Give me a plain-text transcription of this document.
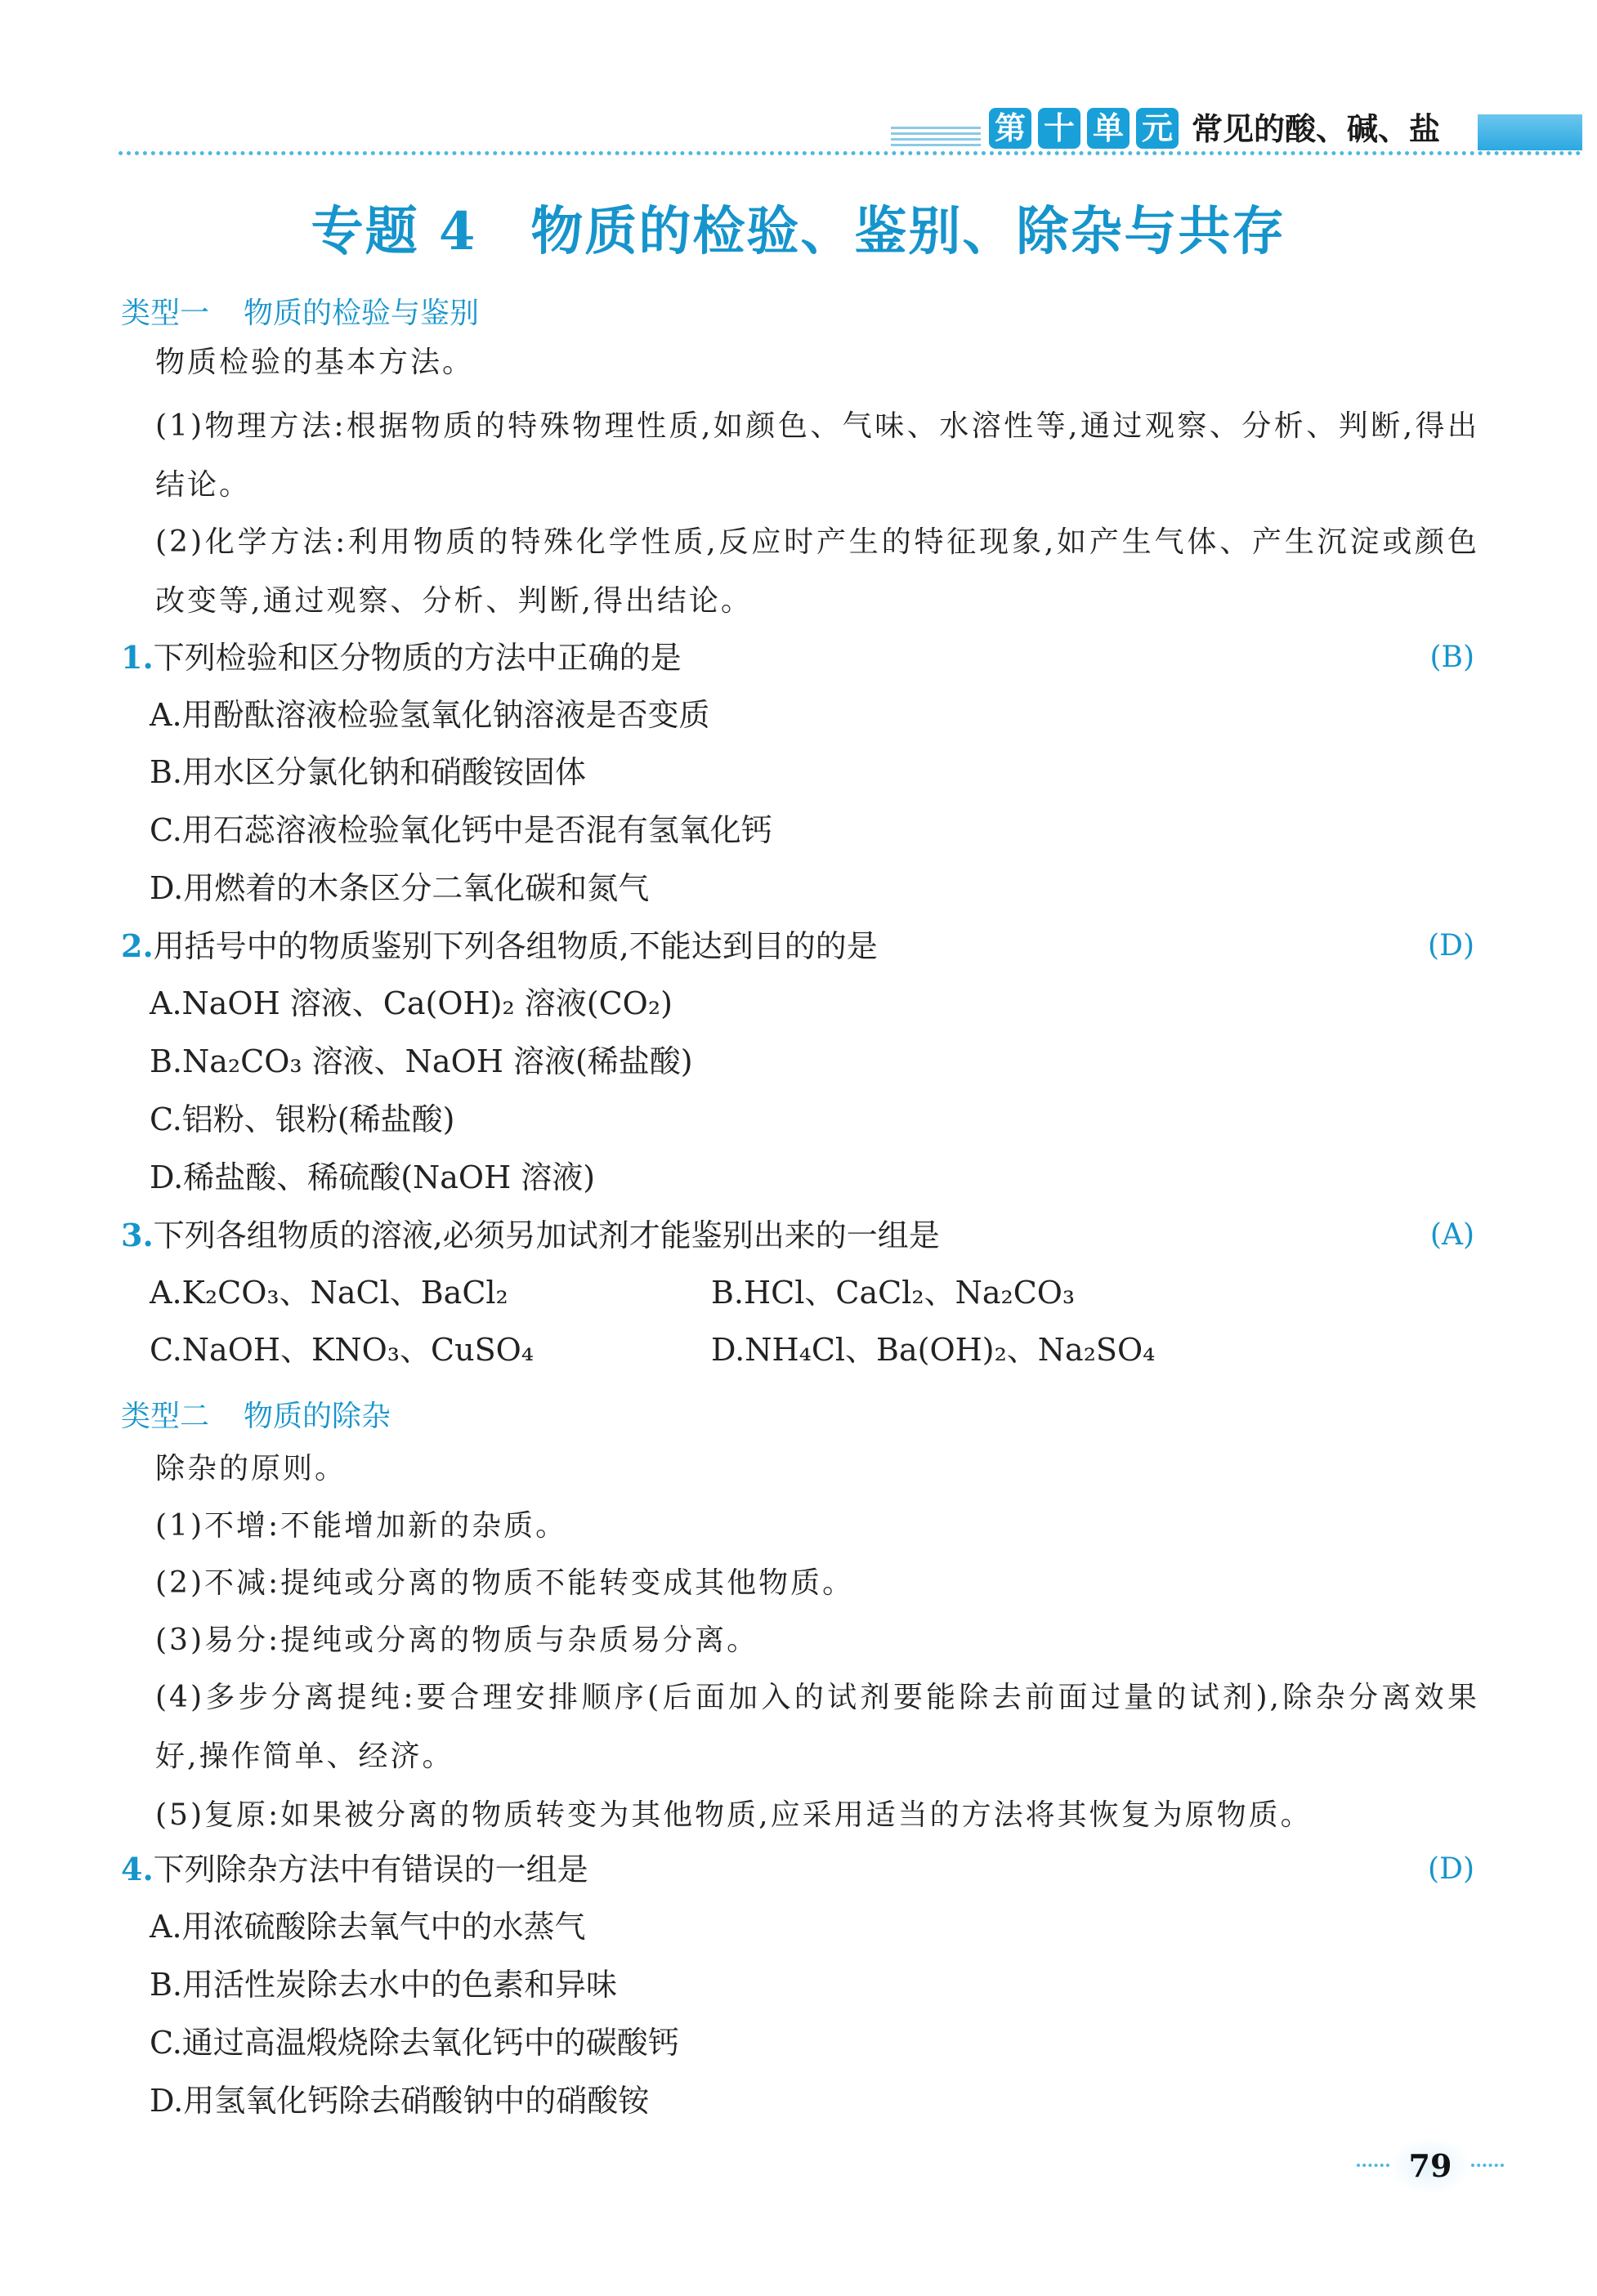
第 十 单 元 常见的酸、碱、盐
专题 4　物质的检验、鉴别、除杂与共存
类型一 物质的检验与鉴别
物质检验的基本方法。
(1)物理方法:根据物质的特殊物理性质,如颜色、气味、水溶性等,通过观察、分析、判断,得出结论。
(2)化学方法:利用物质的特殊化学性质,反应时产生的特征现象,如产生气体、产生沉淀或颜色改变等,通过观察、分析、判断,得出结论。
1.下列检验和区分物质的方法中正确的是	(B)
A.用酚酞溶液检验氢氧化钠溶液是否变质
B.用水区分氯化钠和硝酸铵固体
C.用石蕊溶液检验氧化钙中是否混有氢氧化钙
D.用燃着的木条区分二氧化碳和氮气
2.用括号中的物质鉴别下列各组物质,不能达到目的的是	(D)
A.NaOH 溶液、Ca(OH)₂ 溶液(CO₂)
B.Na₂CO₃ 溶液、NaOH 溶液(稀盐酸)
C.铝粉、银粉(稀盐酸)
D.稀盐酸、稀硫酸(NaOH 溶液)
3.下列各组物质的溶液,必须另加试剂才能鉴别出来的一组是	(A)
A.K₂CO₃、NaCl、BaCl₂	B.HCl、CaCl₂、Na₂CO₃
C.NaOH、KNO₃、CuSO₄	D.NH₄Cl、Ba(OH)₂、Na₂SO₄
类型二 物质的除杂
除杂的原则。
(1)不增:不能增加新的杂质。
(2)不减:提纯或分离的物质不能转变成其他物质。
(3)易分:提纯或分离的物质与杂质易分离。
(4)多步分离提纯:要合理安排顺序(后面加入的试剂要能除去前面过量的试剂),除杂分离效果好,操作简单、经济。
(5)复原:如果被分离的物质转变为其他物质,应采用适当的方法将其恢复为原物质。
4.下列除杂方法中有错误的一组是	(D)
A.用浓硫酸除去氧气中的水蒸气
B.用活性炭除去水中的色素和异味
C.通过高温煅烧除去氧化钙中的碳酸钙
D.用氢氧化钙除去硝酸钠中的硝酸铵
79
